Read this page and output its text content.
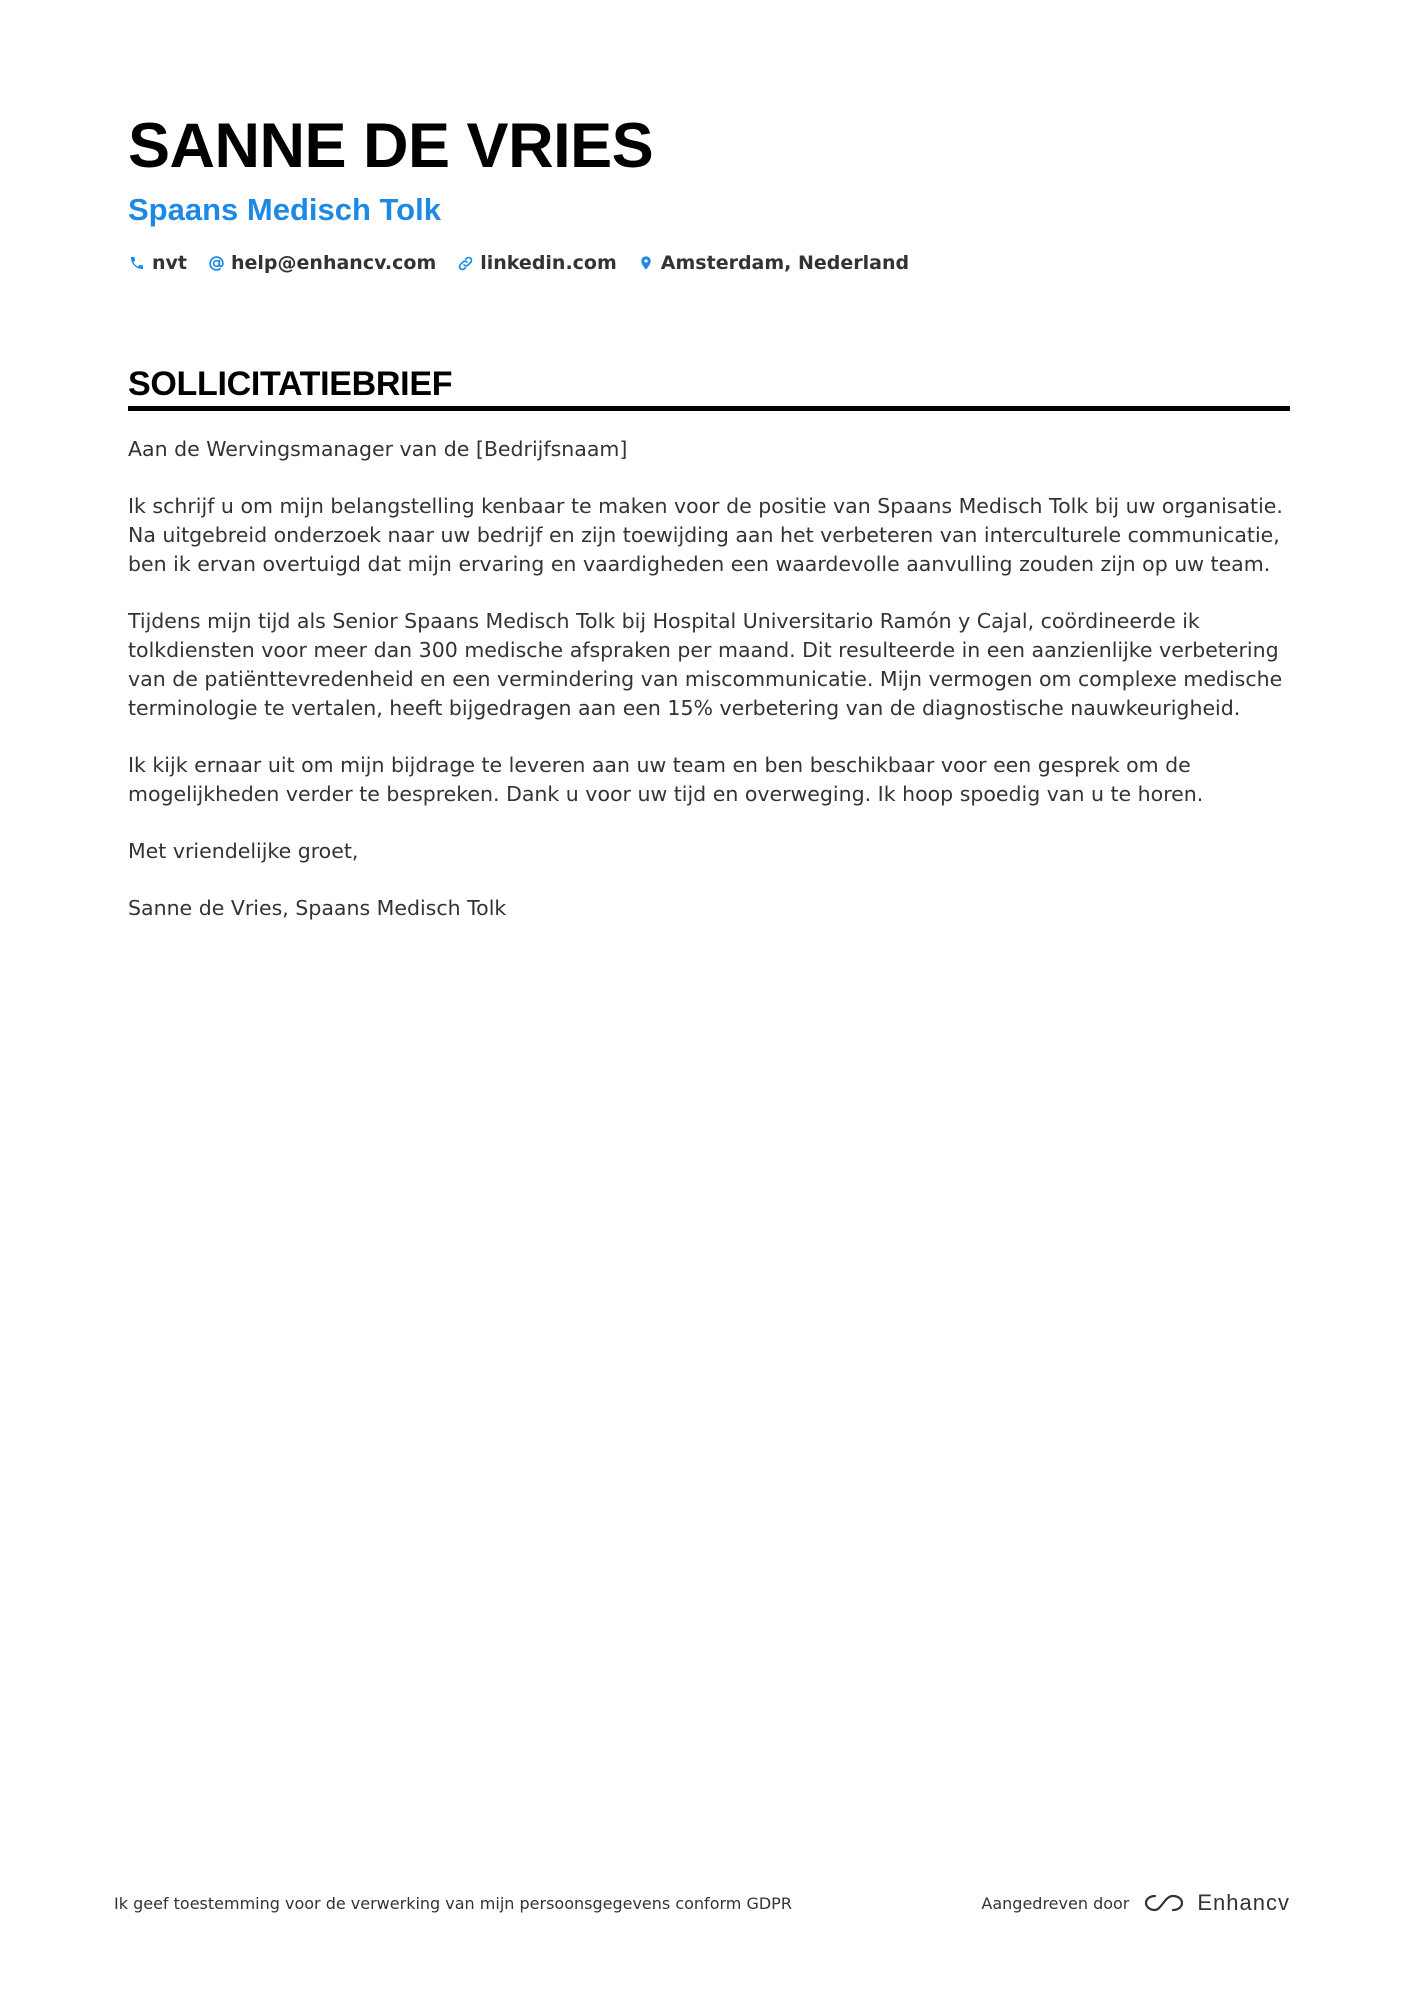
SANNE DE VRIES
Spaans Medisch Tolk
nvt help@enhancv.com linkedin.com Amsterdam, Nederland
SOLLICITATIEBRIEF

Aan de Wervingsmanager van de [Bedrijfsnaam]

Ik schrijf u om mijn belangstelling kenbaar te maken voor de positie van Spaans Medisch Tolk bij uw organisatie. Na uitgebreid onderzoek naar uw bedrijf en zijn toewijding aan het verbeteren van interculturele communicatie, ben ik ervan overtuigd dat mijn ervaring en vaardigheden een waardevolle aanvulling zouden zijn op uw team.

Tijdens mijn tijd als Senior Spaans Medisch Tolk bij Hospital Universitario Ramón y Cajal, coördineerde ik tolkdiensten voor meer dan 300 medische afspraken per maand. Dit resulteerde in een aanzienlijke verbetering van de patiënttevredenheid en een vermindering van miscommunicatie. Mijn vermogen om complexe medische terminologie te vertalen, heeft bijgedragen aan een 15% verbetering van de diagnostische nauwkeurigheid.

Ik kijk ernaar uit om mijn bijdrage te leveren aan uw team en ben beschikbaar voor een gesprek om de mogelijkheden verder te bespreken. Dank u voor uw tijd en overweging. Ik hoop spoedig van u te horen.

Met vriendelijke groet,

Sanne de Vries, Spaans Medisch Tolk

Ik geef toestemming voor de verwerking van mijn persoonsgegevens conform GDPR	Aangedreven door	Enhancv
